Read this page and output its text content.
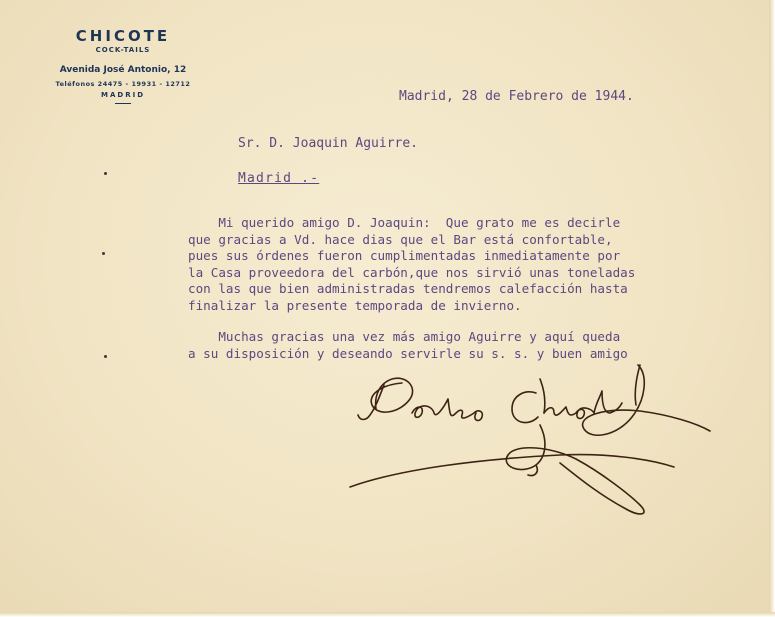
CHICOTE
COCK-TAILS
Avenida José Antonio, 12
Teléfonos 24475 - 19931 - 12712
MADRID	Madrid, 28 de Febrero de 1944.
Sr. D. Joaquin Aguirre.
Madrid .-
Mi querido amigo D. Joaquin:  Que grato me es decirle
que gracias a Vd. hace dias que el Bar está confortable,
pues sus órdenes fueron cumplimentadas inmediatamente por
la Casa proveedora del carbón,que nos sirvió unas toneladas
con las que bien administradas tendremos calefacción hasta
finalizar la presente temporada de invierno.
Muchas gracias una vez más amigo Aguirre y aquí queda
a su disposición y deseando servirle su s. s. y buen amigo
